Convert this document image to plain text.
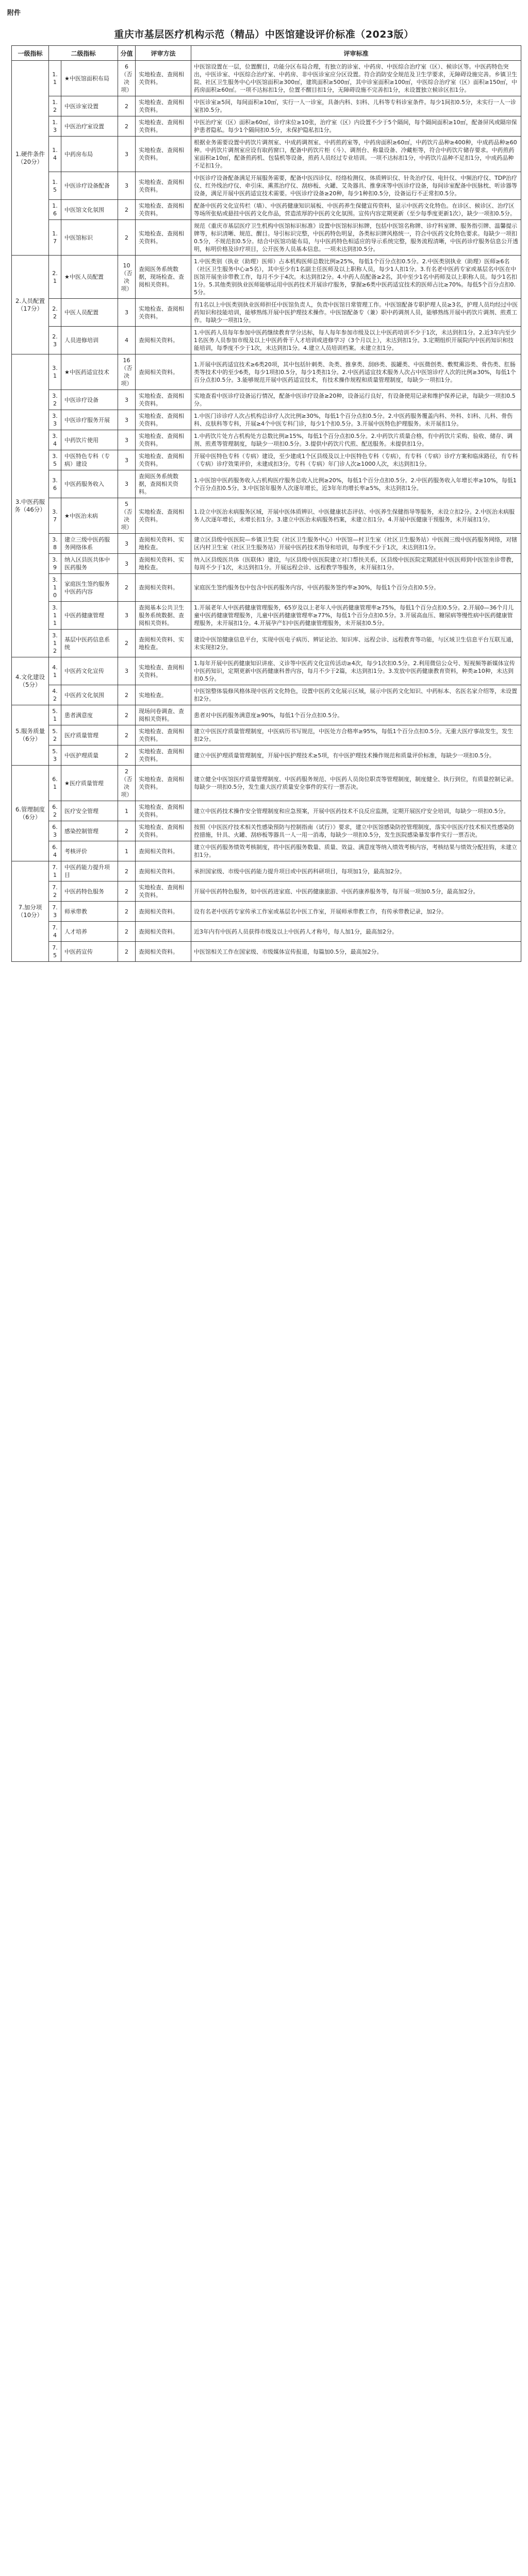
附件
重庆市基层医疗机构示范（精品）中医馆建设评价标准（2023版）
一级指标	二级指标		分值	评审方法	评审标准
1.硬件条件（20分）	1.1	★中医馆面积布局	6（否决项）	实地检查、查阅相关资料。	中医馆设置在一层，位置醒目，功能分区布局合理，有独立的诊室、中药房、中医综合治疗室（区）、候诊区等。中医药特色突出，中医诊室、中医综合治疗室、中药房、非中医诊室应分区设置。符合消防安全规范及卫生学要求，无障碍设施完善。乡镇卫生院、社区卫生服务中心中医馆面积≥300㎡，建筑面积≥500㎡，其中诊室面积≥100㎡，中医综合治疗室（区）面积≥150㎡，中药房面积≥60㎡。一项不达标扣1分，位置不醒目扣1分，无障碍设施不完善扣1分，未设置独立候诊区扣1分。
	1.2	中医诊室设置	2	实地检查、查阅相关资料。	中医诊室≥5间，每间面积≥10㎡，实行一人一诊室，具备内科、妇科、儿科等专科诊室条件。每少1间扣0.5分，未实行一人一诊室扣0.5分。
	1.3	中医治疗室设置	2	实地检查、查阅相关资料。	中医治疗室（区）面积≥60㎡，诊疗床位≥10张，治疗室（区）内设置不少于5个隔间，每个隔间面积≥10㎡，配备屏风或隔帘保护患者隐私。每少1个隔间扣0.5分，未保护隐私扣1分。
	1.4	中药房布局	3	实地检查、查阅相关资料。	根据业务需要设置中药饮片调剂室、中成药调剂室、中药煎药室等，中药房面积≥60㎡，中药饮片品种≥400种，中成药品种≥60种。中药饮片调剂室应设有取药窗口，配备中药饮片柜（斗）、调剂台、称量设备、冷藏柜等，符合中药饮片储存要求。中药煎药室面积≥10㎡，配备煎药机、包装机等设备，煎药人员经过专业培训。一项不达标扣1分，中药饮片品种不足扣1分，中成药品种不足扣1分。
	1.5	中医诊疗设备配备	3	实地检查、查阅相关资料。	中医诊疗设备配备满足开展服务需要，配备中医四诊仪、经络检测仪、体质辨识仪、针灸治疗仪、电针仪、中频治疗仪、TDP治疗仪、红外线治疗仪、牵引床、熏蒸治疗仪、刮痧板、火罐、艾灸器具、推拿床等中医诊疗设备，每间诊室配备中医脉枕、听诊器等设备，满足开展中医药适宜技术需要。中医诊疗设备≥20种，每少1种扣0.5分，设备运行不正常扣0.5分。
	1.6	中医馆文化氛围	2	实地检查、查阅相关资料。	配备中医药文化宣传栏（墙）、中医药健康知识展板、中医药养生保健宣传资料，显示中医药文化特色。在诊区、候诊区、治疗区等场所张贴或悬挂中医药文化作品，营造浓厚的中医药文化氛围。宣传内容定期更新（至少每季度更新1次），缺少一项扣0.5分。
	1.7	中医馆标识	2	实地检查、查阅相关资料。	规范《重庆市基层医疗卫生机构中医馆标识标准》设置中医馆标识标牌，包括中医馆名称牌、诊疗科室牌、服务指引牌、温馨提示牌等，标识清晰、规范、醒目。导引标识完整，中医药特色明显，各类标识牌风格统一，符合中医药文化特色要求。每缺少一项扣0.5分，不规范扣0.5分。结合中医馆功能布局，与中医药特色相适应的导示系统完整，服务流程清晰，中医药诊疗服务信息公开透明，标明价格及诊疗项目，公开医务人员基本信息。一项未达到扣0.5分。
2.人员配置（17分）	2.1	★中医人员配置	10（否决项）	查阅医务系统数据，现场检查、查阅相关资料。	1.中医类别（执业（助理）医师）占本机构医师总数比例≥25%，每低1个百分点扣0.5分。2.中医类别执业（助理）医师≥6名（社区卫生服务中心≥5名），其中至少有1名副主任医师及以上职称人员，每少1人扣1分。3.有名老中医药专家或基层名中医在中医馆开展坐诊带教工作，每月不少于4次。未达到扣2分。4.中药人员配备≥2名，其中至少1名中药师及以上职称人员。每少1名扣1分。5.其他类别执业医师能够运用中医药技术开展诊疗服务，掌握≥6类中医药适宜技术的医师占比≥70%。每低5个百分点扣0.5分。
	2.2	中医人员配置	3	实地检查、查阅相关资料。	有1名以上中医类别执业医师担任中医馆负责人，负责中医馆日常管理工作。中医馆配备专职护理人员≥3名，护理人员均经过中医药知识和技能培训，能够熟练开展中医护理技术操作。中医馆配备专（兼）职中药调剂人员，能够熟练开展中药饮片调剂、煎煮工作。每缺少一项扣1分。
	2.3	人员进修培训	4	查阅相关资料。	1.中医药人员每年参加中医药继续教育学分达标，每人每年参加市级及以上中医药培训不少于1次，未达到扣1分。2.近3年内至少1名医务人员参加市级及以上中医药骨干人才培训或进修学习（3个月以上），未达到扣1分。3.定期组织开展院内中医药知识和技能培训，每季度不少于1次，未达到扣1分。4.建立人员培训档案。未建立扣1分。
3.中医药服务（46分）	3.1	★中医药适宜技术	16（否决项）	查阅相关资料。	1.开展中医药适宜技术≥6类20项，其中包括针刺类、灸类、推拿类、刮痧类、拔罐类、中医微创类、敷熨熏浴类、骨伤类、肛肠类等技术中的至少6类，每少1项扣0.5分，每少1类扣1分。2.中医药适宜技术服务人次占中医馆诊疗人次的比例≥30%，每低1个百分点扣0.5分。3.能够规范开展中医药适宜技术，有技术操作规程和质量管理制度，每缺少一项扣1分。
	3.2	中医诊疗设备	3	实地检查、查阅相关资料。	实地查看中医诊疗设备运行情况，配备中医诊疗设备≥20种，设备运行良好，有设备使用记录和维护保养记录，每缺少一项扣0.5分。
	3.3	中医诊疗服务开展	3	实地检查、查阅相关资料。	1.中医门诊诊疗人次占机构总诊疗人次比例≥30%，每低1个百分点扣0.5分。2.中医药服务覆盖内科、外科、妇科、儿科、骨伤科、皮肤科等专科，开展≥4个中医专科门诊，每少1个扣0.5分。3.开展中医特色护理服务。未开展扣1分。
	3.4	中药饮片使用	3	实地检查、查阅相关资料。	1.中药饮片处方占机构处方总数比例≥15%，每低1个百分点扣0.5分。2.中药饮片质量合格，有中药饮片采购、验收、储存、调剂、煎煮等管理制度，每缺少一项扣0.5分。3.提供中药饮片代煎、配送服务。未提供扣1分。
	3.5	中医特色专科（专病）建设	3	实地检查、查阅相关资料。	开展中医特色专科（专病）建设，至少建成1个区县级及以上中医特色专科（专病），有专科（专病）诊疗方案和临床路径，有专科（专病）诊疗效果评价，未建成扣3分。专科（专病）年门诊人次≥1000人次，未达到扣1分。
	3.6	中医药服务收入	3	查阅医务系统数据，查阅相关资料。	1.中医馆中医药服务收入占机构医疗服务总收入比例≥20%，每低1个百分点扣0.5分。2.中医药服务收入年增长率≥10%，每低1个百分点扣0.5分。3.中医馆年服务人次逐年增长，近3年年均增长率≥5%，未达到扣1分。
	3.7	★中医治未病	5（否决项）	实地检查、查阅相关资料。	1.设立中医治未病服务区域，开展中医体质辨识、中医健康状态评估、中医养生保健指导等服务，未设立扣2分。2.中医治未病服务人次逐年增长，未增长扣1分。3.建立中医治未病服务档案，未建立扣1分。4.开展中医健康干预服务，未开展扣1分。
	3.8	建立三级中医药服务网络体系	3	查阅相关资料、实地检查。	建立区县级中医医院—乡镇卫生院（社区卫生服务中心）中医馆—村卫生室（社区卫生服务站）中医阁三级中医药服务网络，对辖区内村卫生室（社区卫生服务站）开展中医药技术指导和培训，每季度不少于1次，未达到扣1分。
	3.9	纳入区县医共体中医药服务	3	查阅相关资料、实地检查。	纳入区县级医共体（医联体）建设，与区县级中医医院建立对口帮扶关系，区县级中医医院定期派驻中医医师到中医馆坐诊带教，每周不少于1次，未达到扣1分。开展远程会诊、远程教学等服务，未开展扣1分。
	3.10	家庭医生签约服务中医药内容	2	查阅相关资料。	家庭医生签约服务包中包含中医药服务内容，中医药服务签约率≥30%，每低1个百分点扣0.5分。
	3.11	中医药健康管理	3	查阅基本公共卫生服务系统数据、查阅相关资料。	1.开展老年人中医药健康管理服务，65岁及以上老年人中医药健康管理率≥75%，每低1个百分点扣0.5分。2.开展0—36个月儿童中医药健康管理服务，儿童中医药健康管理率≥77%，每低1个百分点扣0.5分。3.开展高血压、糖尿病等慢性病中医药健康管理服务，未开展扣1分。4.开展孕产妇中医药健康管理服务，未开展扣0.5分。
	3.12	基层中医药信息系统	2	查阅相关资料、实地检查。	建设中医馆健康信息平台，实现中医电子病历、辨证论治、知识库、远程会诊、远程教育等功能，与区域卫生信息平台互联互通，未实现扣2分。
4.文化建设（5分）	4.1	中医药文化宣传	3	实地检查、查阅相关资料。	1.每年开展中医药健康知识讲座、义诊等中医药文化宣传活动≥4次，每少1次扣0.5分。2.利用微信公众号、短视频等新媒体宣传中医药知识，定期更新中医药健康科普内容，每月不少于2篇，未达到扣1分。3.发放中医药健康教育资料，种类≥10种，未达到扣0.5分。
	4.2	中医药文化氛围	2	实地检查。	中医馆整体装修风格体现中医药文化特色，设置中医药文化展示区域，展示中医药文化知识、中药标本、名医名家介绍等，未设置扣2分。
5.服务质量（6分）	5.1	患者满意度	2	现场问卷调查、查阅相关资料。	患者对中医药服务满意度≥90%，每低1个百分点扣0.5分。
	5.2	医疗质量管理	2	实地检查、查阅相关资料。	建立中医医疗质量管理制度，中医病历书写规范，中医处方合格率≥95%，每低1个百分点扣0.5分。无重大医疗事故发生，发生扣2分。
	5.3	中医护理质量	2	实地检查、查阅相关资料。	建立中医护理质量管理制度，开展中医护理技术≥5项，有中医护理技术操作规范和质量评价标准，每缺少一项扣0.5分。
6.管理制度（6分）	6.1	★医疗质量管理	2（否决项）	实地检查、查阅相关资料。	建立健全中医馆医疗质量管理制度、中医药服务规范、中医药人员岗位职责等管理制度，制度健全、执行到位，有质量控制记录。每缺少一项扣0.5分，发生重大医疗质量安全事件的实行一票否决。
	6.2	医疗安全管理	1	实地检查、查阅相关资料。	建立中医药技术操作安全管理制度和应急预案，开展中医药技术不良反应监测，定期开展医疗安全培训，每缺少一项扣0.5分。
	6.3	感染控制管理	2	实地检查、查阅相关资料。	按照《中医医疗技术相关性感染预防与控制指南（试行）》要求，建立中医馆感染防控管理制度，落实中医医疗技术相关性感染防控措施，针具、火罐、刮痧板等器具一人一用一消毒，每缺少一项扣0.5分，发生医院感染暴发事件实行一票否决。
	6.4	考核评价	1	查阅相关资料。	建立中医药服务绩效考核制度，将中医药服务数量、质量、效益、满意度等纳入绩效考核内容，考核结果与绩效分配挂钩，未建立扣1分。
7.加分项（10分）	7.1	中医药能力提升项目	2	查阅相关资料。	承担国家级、市级中医药能力提升项目或中医药科研项目，每项加1分，最高加2分。
	7.2	中医药特色服务	2	实地检查、查阅相关资料。	开展中医药特色服务，如中医药进家庭、中医药健康旅游、中医药康养服务等，每开展一项加0.5分，最高加2分。
	7.3	师承带教	2	查阅相关资料。	设有名老中医药专家传承工作室或基层名中医工作室，开展师承带教工作，有传承带教记录，加2分。
	7.4	人才培养	2	查阅相关资料。	近3年内有中医药人员获得市级及以上中医药人才称号，每人加1分，最高加2分。
	7.5	中医药宣传	2	查阅相关资料。	中医馆相关工作在国家级、市级媒体宣传报道，每篇加0.5分，最高加2分。
